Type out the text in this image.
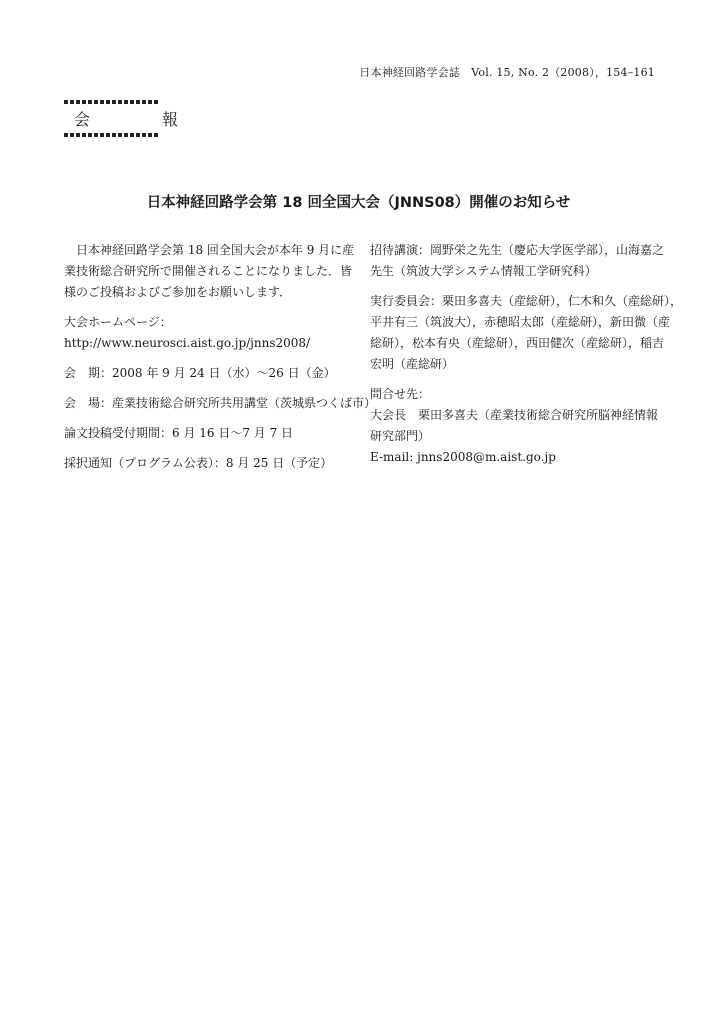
日本神経回路学会誌　Vol. 15, No. 2（2008），154–161
会　報
日本神経回路学会第 18 回全国大会（JNNS08）開催のお知らせ
日本神経回路学会第 18 回全国大会が本年 9 月に産
業技術総合研究所で開催されることになりました．皆
様のご投稿およびご参加をお願いします．
大会ホームページ：
http://www.neurosci.aist.go.jp/jnns2008/
会　期：2008 年 9 月 24 日（水）～26 日（金）
会　場：産業技術総合研究所共用講堂（茨城県つくば市）
論文投稿受付期間：6 月 16 日～7 月 7 日
採択通知（プログラム公表）：8 月 25 日（予定）
招待講演：岡野栄之先生（慶応大学医学部），山海嘉之
先生（筑波大学システム情報工学研究科）
実行委員会：栗田多喜夫（産総研），仁木和久（産総研），
平井有三（筑波大），赤穂昭太郎（産総研），新田微（産
総研），松本有央（産総研），西田健次（産総研），稲吉
宏明（産総研）
問合せ先：
大会長　栗田多喜夫（産業技術総合研究所脳神経情報
研究部門）
E-mail: jnns2008@m.aist.go.jp
